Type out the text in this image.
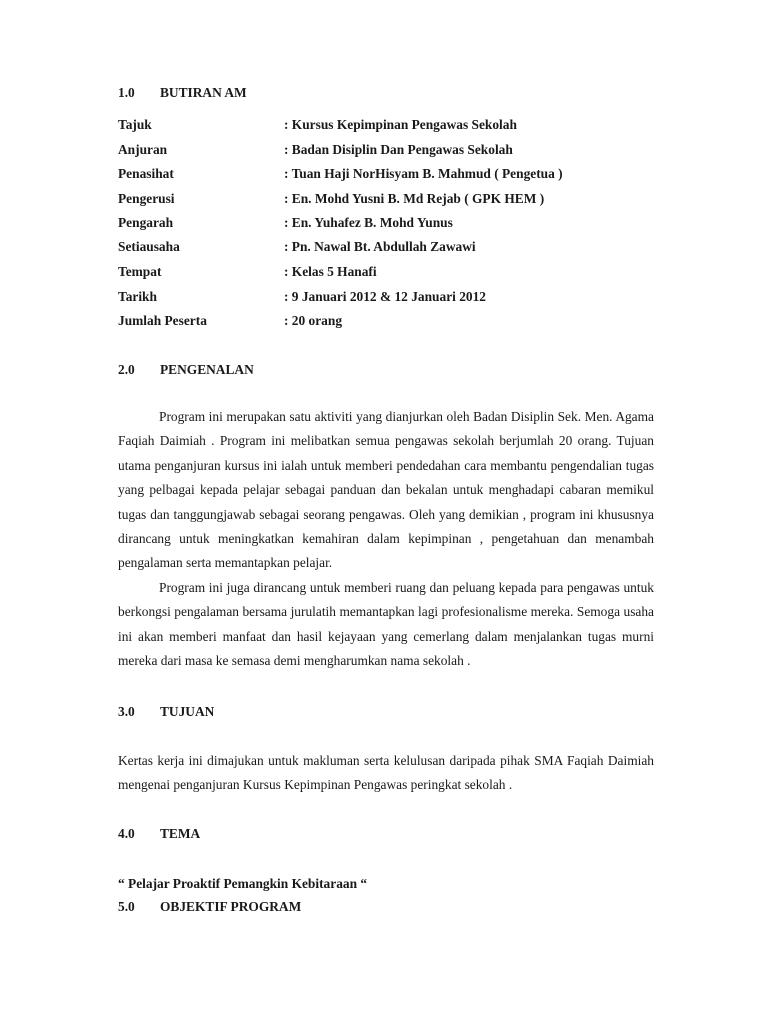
1.0 BUTIRAN AM
Tajuk	: Kursus Kepimpinan Pengawas Sekolah
Anjuran	: Badan Disiplin Dan Pengawas Sekolah
Penasihat	: Tuan Haji NorHisyam B. Mahmud ( Pengetua )
Pengerusi	: En. Mohd Yusni B. Md Rejab ( GPK HEM )
Pengarah	: En. Yuhafez B. Mohd Yunus
Setiausaha	: Pn. Nawal Bt. Abdullah Zawawi
Tempat	: Kelas 5 Hanafi
Tarikh	: 9 Januari 2012 & 12 Januari 2012
Jumlah Peserta	: 20 orang
2.0 PENGENALAN
Program ini merupakan satu aktiviti yang dianjurkan oleh Badan Disiplin Sek. Men. Agama Faqiah Daimiah . Program ini melibatkan semua pengawas sekolah berjumlah 20 orang. Tujuan utama penganjuran kursus ini ialah untuk memberi pendedahan cara membantu pengendalian tugas yang pelbagai kepada pelajar sebagai panduan dan bekalan untuk menghadapi cabaran memikul tugas dan tanggungjawab sebagai seorang pengawas. Oleh yang demikian , program ini khususnya dirancang untuk meningkatkan kemahiran dalam kepimpinan , pengetahuan dan menambah pengalaman serta memantapkan pelajar.
Program ini juga dirancang untuk memberi ruang dan peluang kepada para pengawas untuk berkongsi pengalaman bersama jurulatih memantapkan lagi profesionalisme mereka. Semoga usaha ini akan memberi manfaat dan hasil kejayaan yang cemerlang dalam menjalankan tugas murni mereka dari masa ke semasa demi mengharumkan nama sekolah .
3.0 TUJUAN
Kertas kerja ini dimajukan untuk makluman serta kelulusan daripada pihak SMA Faqiah Daimiah mengenai penganjuran Kursus Kepimpinan Pengawas peringkat sekolah .
4.0 TEMA
“ Pelajar Proaktif Pemangkin Kebitaraan “
5.0 OBJEKTIF PROGRAM
